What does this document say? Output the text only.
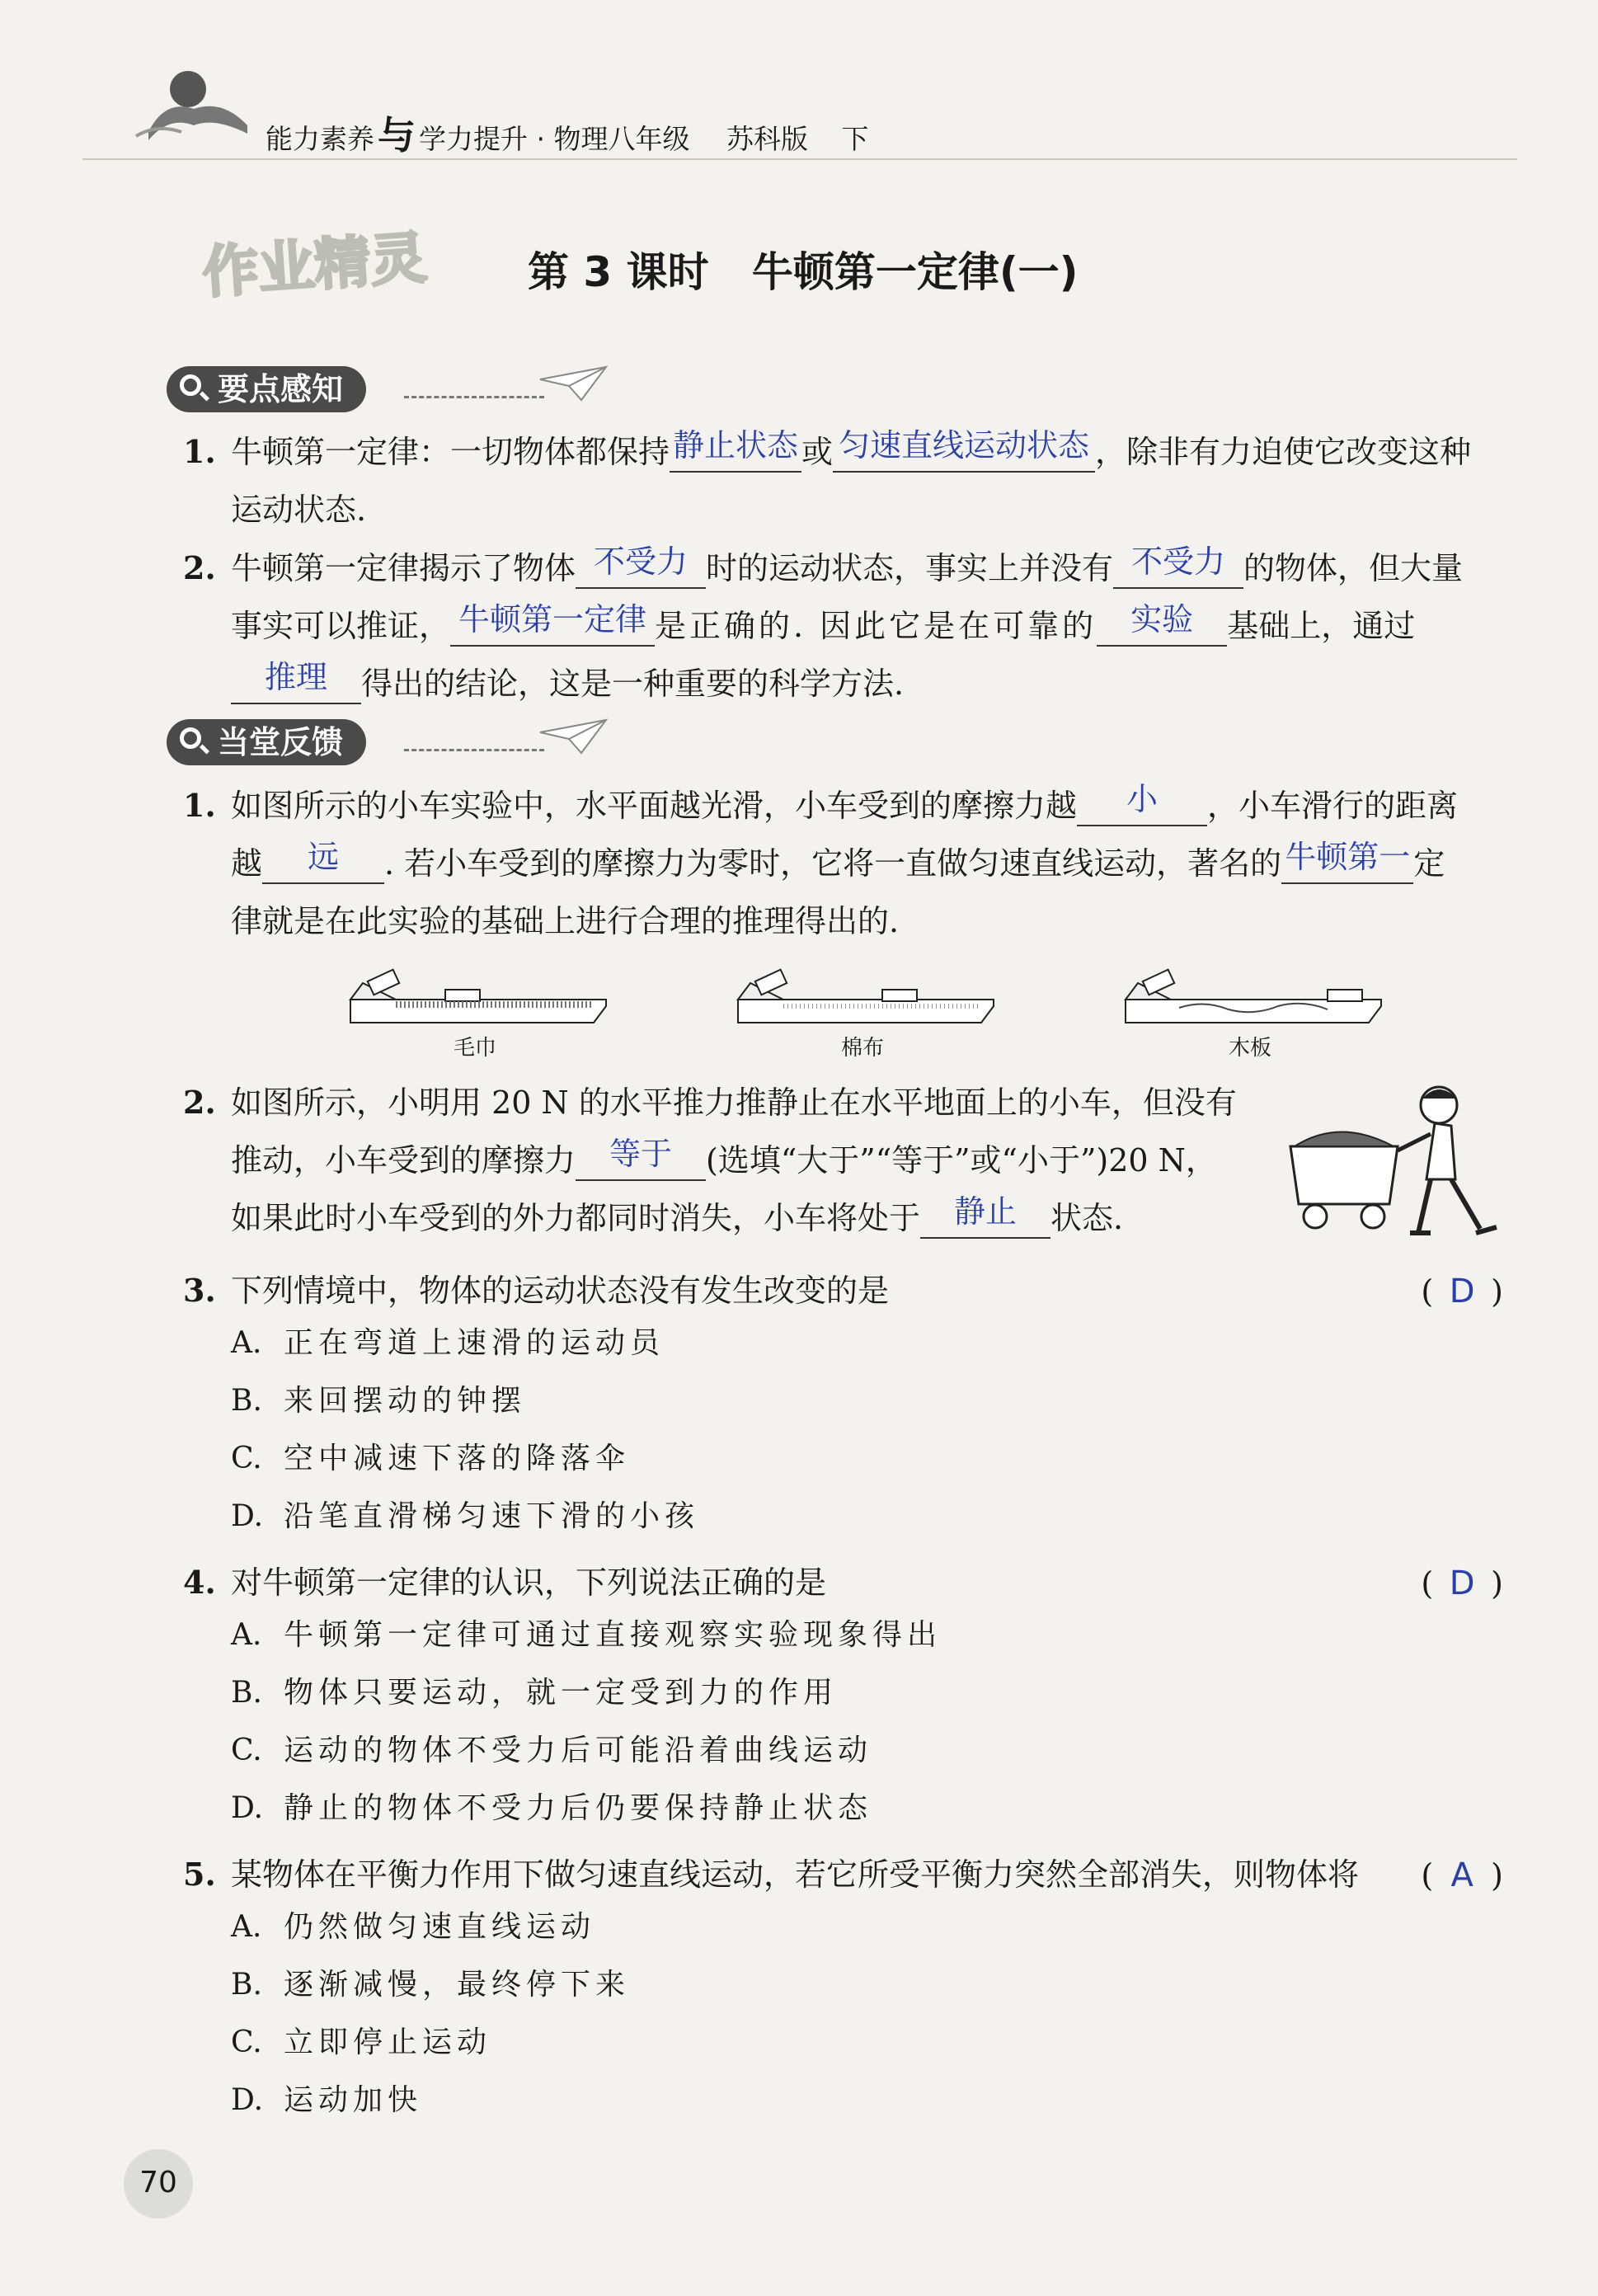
能力素养与 学力提升 · 物理八年级 苏科版 下
作业精灵 第 3 课时   牛顿第一定律(一)
要点感知
1. 牛顿第一定律：一切物体都保持 静止状态 或 匀速直线运动状态 ，除非有力迫使它改变这种
运动状态.
2. 牛顿第一定律揭示了物体 不受力 时的运动状态，事实上并没有 不受力 的物体，但大量
事实可以推证， 牛顿第一定律 是正确的. 因此它是在可靠的 实验 基础上，通过
推理 得出的结论，这是一种重要的科学方法.
当堂反馈
1. 如图所示的小车实验中，水平面越光滑，小车受到的摩擦力越 小 ，小车滑行的距离
越 远 . 若小车受到的摩擦力为零时，它将一直做匀速直线运动，著名的 牛顿第一 定
律就是在此实验的基础上进行合理的推理得出的.
毛巾	棉布	木板
2. 如图所示，小明用 20 N 的水平推力推静止在水平地面上的小车，但没有
推动，小车受到的摩擦力 等于 (选填“大于”“等于”或“小于”)20 N，
如果此时小车受到的外力都同时消失，小车将处于 静止 状态.
3. 下列情境中，物体的运动状态没有发生改变的是	( D )
A. 正在弯道上速滑的运动员
B. 来回摆动的钟摆
C. 空中减速下落的降落伞
D. 沿笔直滑梯匀速下滑的小孩
4. 对牛顿第一定律的认识，下列说法正确的是	( D )
A. 牛顿第一定律可通过直接观察实验现象得出
B. 物体只要运动，就一定受到力的作用
C. 运动的物体不受力后可能沿着曲线运动
D. 静止的物体不受力后仍要保持静止状态
5. 某物体在平衡力作用下做匀速直线运动，若它所受平衡力突然全部消失，则物体将 ( A )
A. 仍然做匀速直线运动
B. 逐渐减慢，最终停下来
C. 立即停止运动
D. 运动加快
70
